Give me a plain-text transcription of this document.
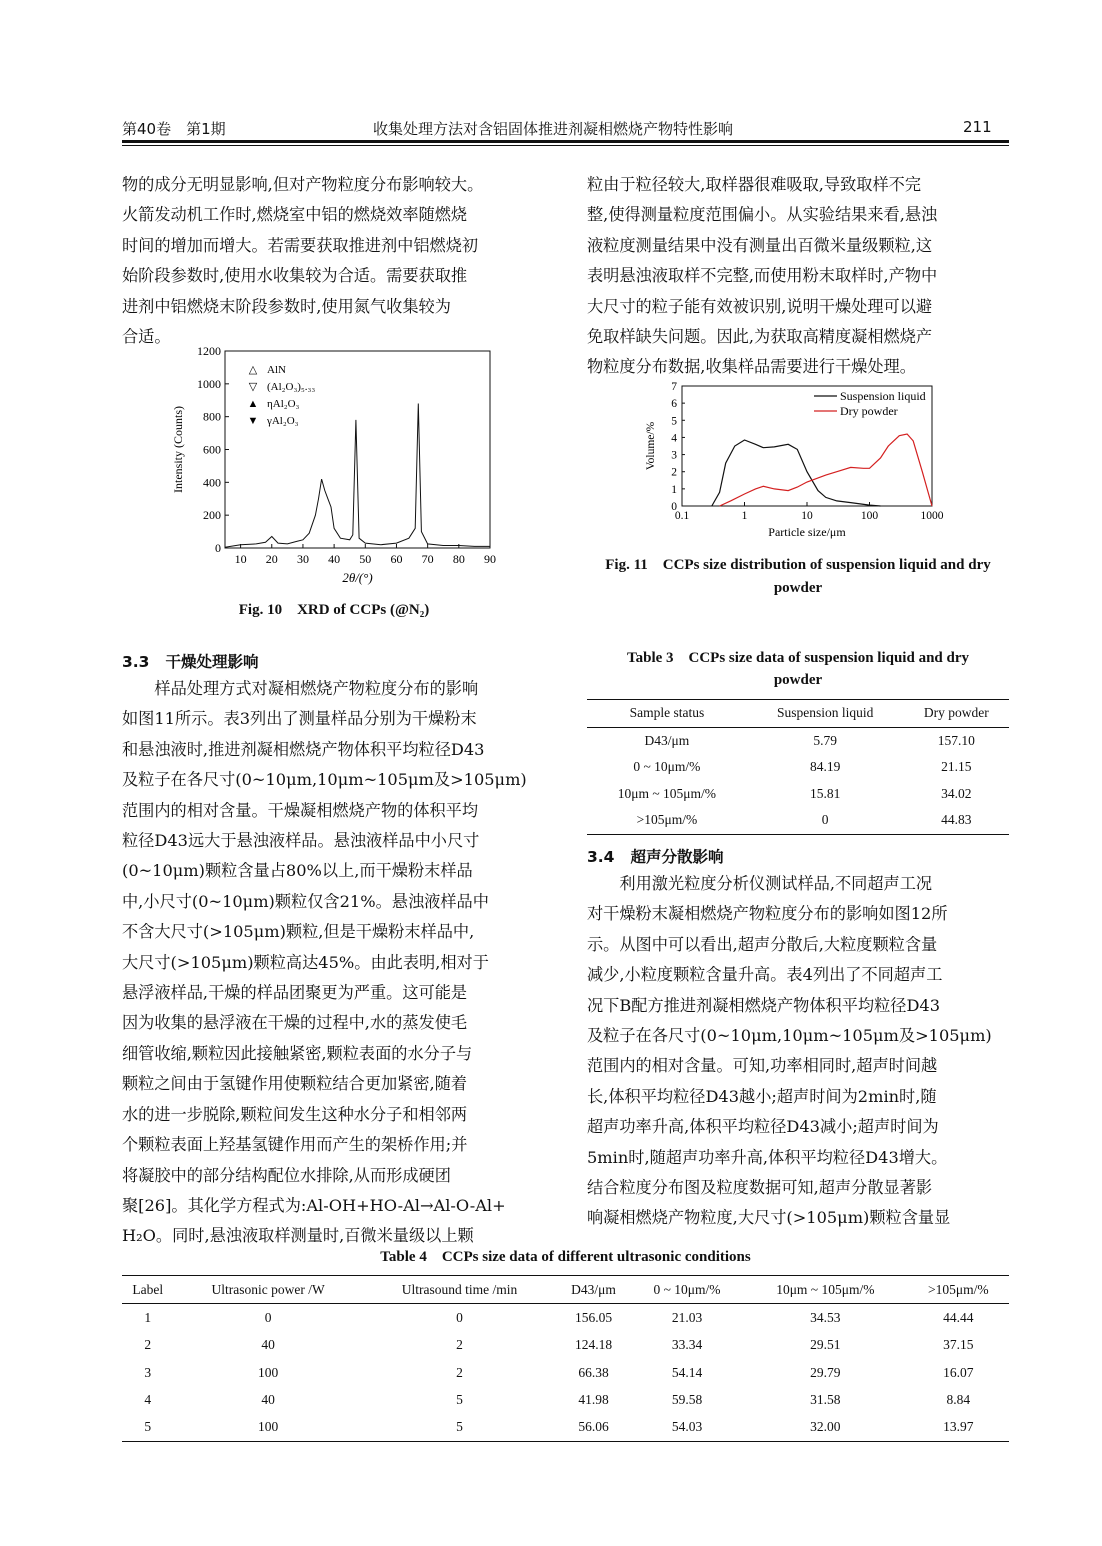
第40卷　第1期	收集处理方法对含铝固体推进剂凝相燃烧产物特性影响	211

物的成分无明显影响,但对产物粒度分布影响较大。

火箭发动机工作时,燃烧室中铝的燃烧效率随燃烧

时间的增加而增大。若需要获取推进剂中铝燃烧初

始阶段参数时,使用水收集较为合适。需要获取推

进剂中铝燃烧末阶段参数时,使用氮气收集较为

合适。

10 20 30 40 50 60 70 80 90
0
200
400
600
800
1000
1200
2θ/(°)
Intensity (Counts)
△ AlN
▽ (Al₂O₃)₅.₃₃
▲ ηAl₂O₃
▼ γAl₂O₃
Fig. 10　XRD of CCPs (@N₂)
3.3 干燥处理影响

样品处理方式对凝相燃烧产物粒度分布的影响

如图11所示。表3列出了测量样品分别为干燥粉末

和悬浊液时,推进剂凝相燃烧产物体积平均粒径D43

及粒子在各尺寸(0~10μm,10μm~105μm及>105μm)

范围内的相对含量。干燥凝相燃烧产物的体积平均

粒径D43远大于悬浊液样品。悬浊液样品中小尺寸

(0~10μm)颗粒含量占80%以上,而干燥粉末样品

中,小尺寸(0~10μm)颗粒仅含21%。悬浊液样品中

不含大尺寸(>105μm)颗粒,但是干燥粉末样品中,

大尺寸(>105μm)颗粒高达45%。由此表明,相对于

悬浮液样品,干燥的样品团聚更为严重。这可能是

因为收集的悬浮液在干燥的过程中,水的蒸发使毛

细管收缩,颗粒因此接触紧密,颗粒表面的水分子与

颗粒之间由于氢键作用使颗粒结合更加紧密,随着

水的进一步脱除,颗粒间发生这种水分子和相邻两

个颗粒表面上羟基氢键作用而产生的架桥作用;并

将凝胶中的部分结构配位水排除,从而形成硬团

聚[26]。其化学方程式为:Al-OH+HO-Al→Al-O-Al+

H₂O。同时,悬浊液取样测量时,百微米量级以上颗

粒由于粒径较大,取样器很难吸取,导致取样不完

整,使得测量粒度范围偏小。从实验结果来看,悬浊

液粒度测量结果中没有测量出百微米量级颗粒,这

表明悬浊液取样不完整,而使用粉末取样时,产物中

大尺寸的粒子能有效被识别,说明干燥处理可以避

免取样缺失问题。因此,为获取高精度凝相燃烧产

物粒度分布数据,收集样品需要进行干燥处理。

0.1	1	10	100	1000
0
1
2
3
4
5
6
7
Particle size/μm
Volume/%
Suspension liquid
Dry powder
Fig. 11　CCPs size distribution of suspension liquid and dry
powder
Table 3　CCPs size data of suspension liquid and dry
powder
Sample status	Suspension liquid	Dry powder
D43/μm	5.79	157.10
0 ~ 10μm/%	84.19	21.15
10μm ~ 105μm/%	15.81	34.02
>105μm/%	0	44.83
3.4 超声分散影响

利用激光粒度分析仪测试样品,不同超声工况

对干燥粉末凝相燃烧产物粒度分布的影响如图12所

示。从图中可以看出,超声分散后,大粒度颗粒含量

减少,小粒度颗粒含量升高。表4列出了不同超声工

况下B配方推进剂凝相燃烧产物体积平均粒径D43

及粒子在各尺寸(0~10μm,10μm~105μm及>105μm)

范围内的相对含量。可知,功率相同时,超声时间越

长,体积平均粒径D43越小;超声时间为2min时,随

超声功率升高,体积平均粒径D43减小;超声时间为

5min时,随超声功率升高,体积平均粒径D43增大。

结合粒度分布图及粒度数据可知,超声分散显著影

响凝相燃烧产物粒度,大尺寸(>105μm)颗粒含量显

Table 4　CCPs size data of different ultrasonic conditions
Label	Ultrasonic power /W	Ultrasound time /min	D43/μm	0 ~ 10μm/%	10μm ~ 105μm/%	>105μm/%
1	0	0	156.05	21.03	34.53	44.44
2	40	2	124.18	33.34	29.51	37.15
3	100	2	66.38	54.14	29.79	16.07
4	40	5	41.98	59.58	31.58	8.84
5	100	5	56.06	54.03	32.00	13.97
